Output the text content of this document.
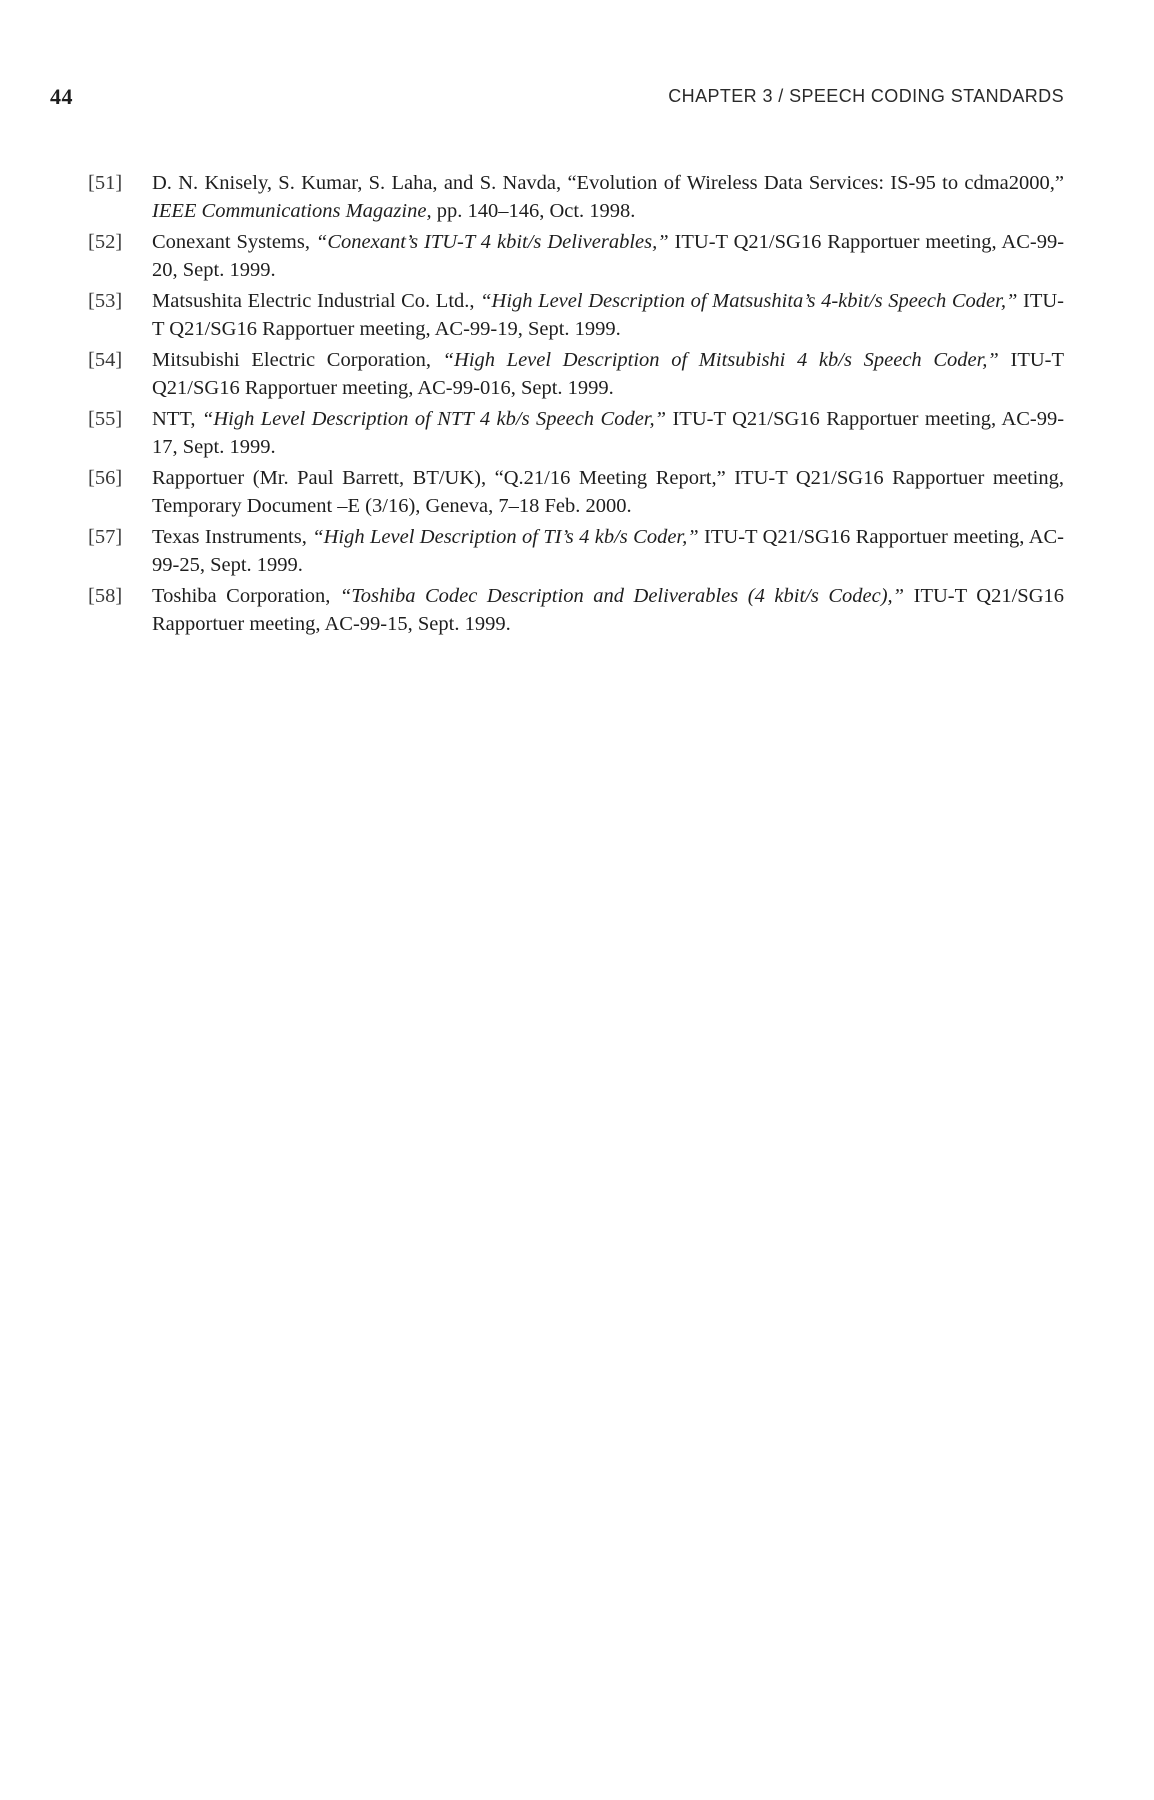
44	CHAPTER 3 / SPEECH CODING STANDARDS
[51] D. N. Knisely, S. Kumar, S. Laha, and S. Navda, “Evolution of Wireless Data Services: IS-95 to cdma2000,” IEEE Communications Magazine, pp. 140–146, Oct. 1998.
[52] Conexant Systems, “Conexant’s ITU-T 4 kbit/s Deliverables,” ITU-T Q21/SG16 Rapportuer meeting, AC-99-20, Sept. 1999.
[53] Matsushita Electric Industrial Co. Ltd., “High Level Description of Matsushita’s 4-kbit/s Speech Coder,” ITU-T Q21/SG16 Rapportuer meeting, AC-99-19, Sept. 1999.
[54] Mitsubishi Electric Corporation, “High Level Description of Mitsubishi 4 kb/s Speech Coder,” ITU-T Q21/SG16 Rapportuer meeting, AC-99-016, Sept. 1999.
[55] NTT, “High Level Description of NTT 4 kb/s Speech Coder,” ITU-T Q21/SG16 Rapportuer meeting, AC-99-17, Sept. 1999.
[56] Rapportuer (Mr. Paul Barrett, BT/UK), “Q.21/16 Meeting Report,” ITU-T Q21/SG16 Rapportuer meeting, Temporary Document –E (3/16), Geneva, 7–18 Feb. 2000.
[57] Texas Instruments, “High Level Description of TI’s 4 kb/s Coder,” ITU-T Q21/SG16 Rapportuer meeting, AC-99-25, Sept. 1999.
[58] Toshiba Corporation, “Toshiba Codec Description and Deliverables (4 kbit/s Codec),” ITU-T Q21/SG16 Rapportuer meeting, AC-99-15, Sept. 1999.
